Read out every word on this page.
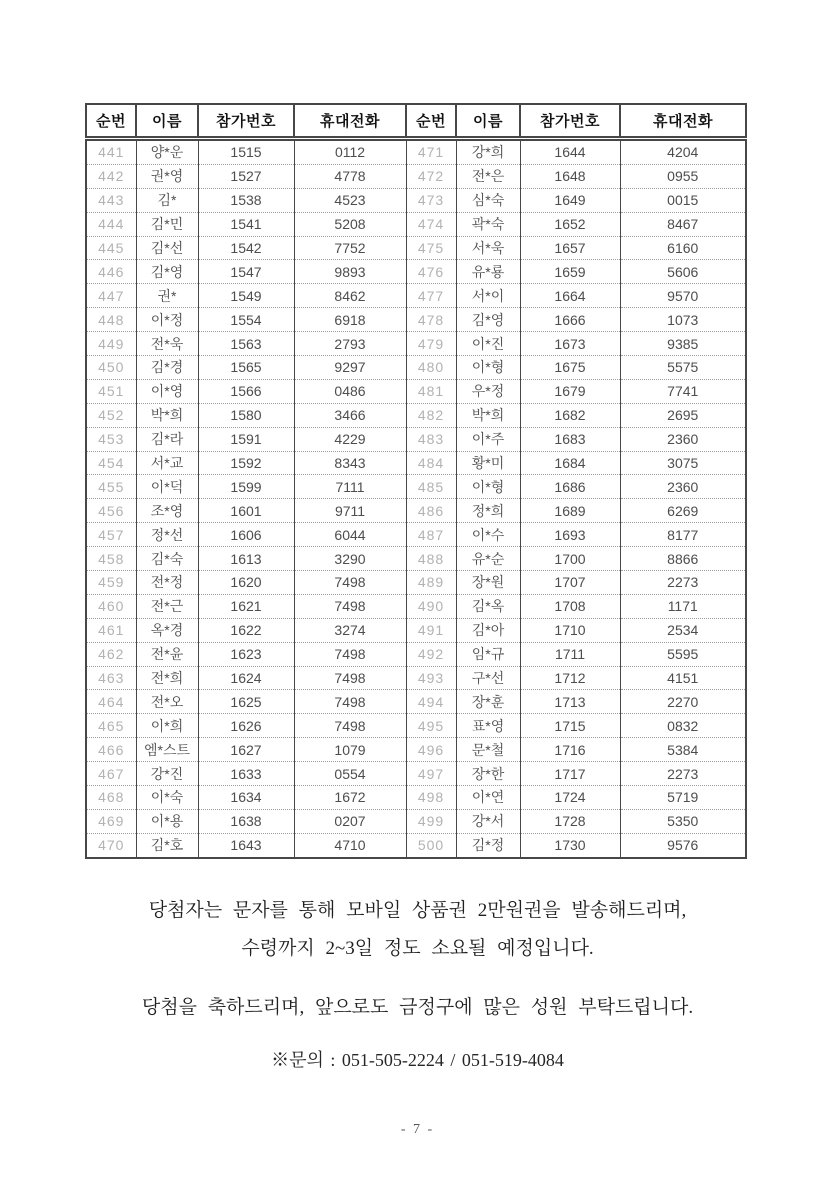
순번	이름	참가번호	휴대전화	순번	이름	참가번호	휴대전화
441	양*운	1515	0112	471	강*희	1644	4204
442	권*영	1527	4778	472	전*은	1648	0955
443	김*	1538	4523	473	심*숙	1649	0015
444	김*민	1541	5208	474	곽*숙	1652	8467
445	김*선	1542	7752	475	서*욱	1657	6160
446	김*영	1547	9893	476	유*룡	1659	5606
447	권*	1549	8462	477	서*이	1664	9570
448	이*정	1554	6918	478	김*영	1666	1073
449	전*욱	1563	2793	479	이*진	1673	9385
450	김*경	1565	9297	480	이*형	1675	5575
451	이*영	1566	0486	481	우*정	1679	7741
452	박*희	1580	3466	482	박*희	1682	2695
453	김*라	1591	4229	483	이*주	1683	2360
454	서*교	1592	8343	484	황*미	1684	3075
455	이*덕	1599	7111	485	이*형	1686	2360
456	조*영	1601	9711	486	정*희	1689	6269
457	정*선	1606	6044	487	이*수	1693	8177
458	김*숙	1613	3290	488	유*순	1700	8866
459	전*정	1620	7498	489	장*원	1707	2273
460	전*근	1621	7498	490	김*옥	1708	1171
461	옥*경	1622	3274	491	김*아	1710	2534
462	전*윤	1623	7498	492	임*규	1711	5595
463	전*희	1624	7498	493	구*선	1712	4151
464	전*오	1625	7498	494	장*훈	1713	2270
465	이*희	1626	7498	495	표*영	1715	0832
466	엠*스트	1627	1079	496	문*철	1716	5384
467	강*진	1633	0554	497	장*한	1717	2273
468	이*숙	1634	1672	498	이*연	1724	5719
469	이*용	1638	0207	499	강*서	1728	5350
470	김*호	1643	4710	500	김*정	1730	9576
당첨자는 문자를 통해 모바일 상품권 2만원권을 발송해드리며,
수령까지 2~3일 정도 소요될 예정입니다.
당첨을 축하드리며, 앞으로도 금정구에 많은 성원 부탁드립니다.
※문의 : 051-505-2224 / 051-519-4084
- 7 -
